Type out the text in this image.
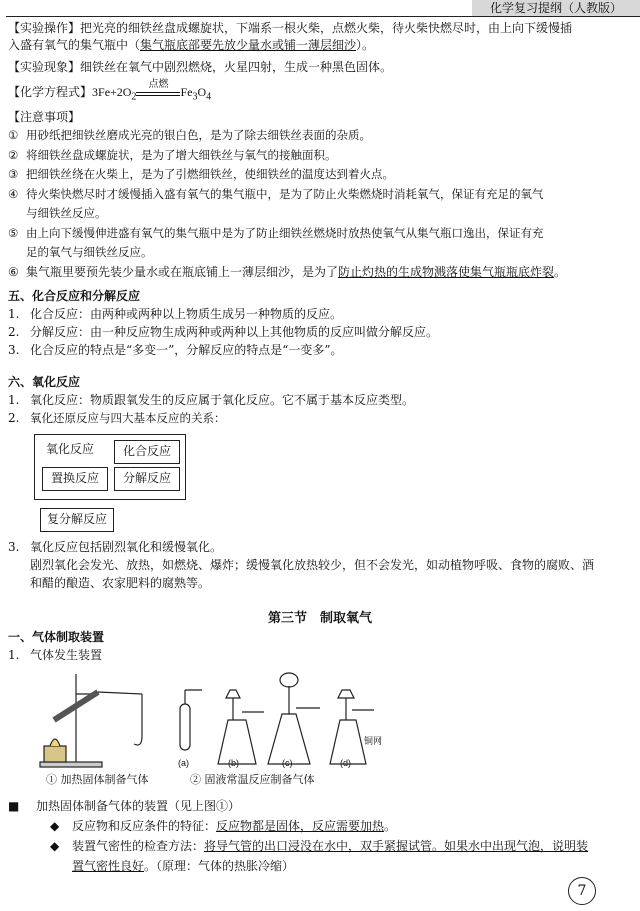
化学复习提纲（人教版）

【实验操作】把光亮的细铁丝盘成螺旋状，下端系一根火柴，点燃火柴，待火柴快燃尽时，由上向下缓慢插
入盛有氧气的集气瓶中（集气瓶底部要先放少量水或铺一薄层细沙）。

【实验现象】细铁丝在氧气中剧烈燃烧，火星四射，生成一种黑色固体。

【化学方程式】$3Fe+2O_2$
点燃
$Fe_3O_4$

【注意事项】

① 用砂纸把细铁丝磨成光亮的银白色，是为了除去细铁丝表面的杂质。
② 将细铁丝盘成螺旋状，是为了增大细铁丝与氧气的接触面积。
③ 把细铁丝绕在火柴上，是为了引燃细铁丝，使细铁丝的温度达到着火点。
④ 待火柴快燃尽时才缓慢插入盛有氧气的集气瓶中，是为了防止火柴燃烧时消耗氧气，保证有充足的氧气
与细铁丝反应。
⑤ 由上向下缓慢伸进盛有氧气的集气瓶中是为了防止细铁丝燃烧时放热使氧气从集气瓶口逸出，保证有充
足的氧气与细铁丝反应。
⑥ 集气瓶里要预先装少量水或在瓶底铺上一薄层细沙，是为了防止灼热的生成物溅落使集气瓶瓶底炸裂。
五、化合反应和分解反应
1. 化合反应：由两种或两种以上物质生成另一种物质的反应。
2. 分解反应：由一种反应物生成两种或两种以上其他物质的反应叫做分解反应。
3. 化合反应的特点是“多变一”，分解反应的特点是“一变多”。
六、氧化反应
1. 氧化反应：物质跟氧发生的反应属于氧化反应。它不属于基本反应类型。
2. 氧化还原反应与四大基本反应的关系：
氧化反应	化合反应
置换反应	分解反应
复分解反应
3. 氧化反应包括剧烈氧化和缓慢氧化。
剧烈氧化会发光、放热，如燃烧、爆炸；缓慢氧化放热较少，但不会发光，如动植物呼吸、食物的腐败、酒
和醋的酿造、农家肥料的腐熟等。
第三节　制取氧气
一、气体制取装置
1. 气体发生装置
铜网
(a)	(b)	(c)	(d)
① 加热固体制备气体	② 固液常温反应制备气体
■ 加热固体制备气体的装置（见上图①）
◆ 反应物和反应条件的特征：反应物都是固体，反应需要加热。
◆ 装置气密性的检查方法：将导气管的出口浸没在水中，双手紧握试管。如果水中出现气泡，说明装
置气密性良好。（原理：气体的热胀冷缩）
7
